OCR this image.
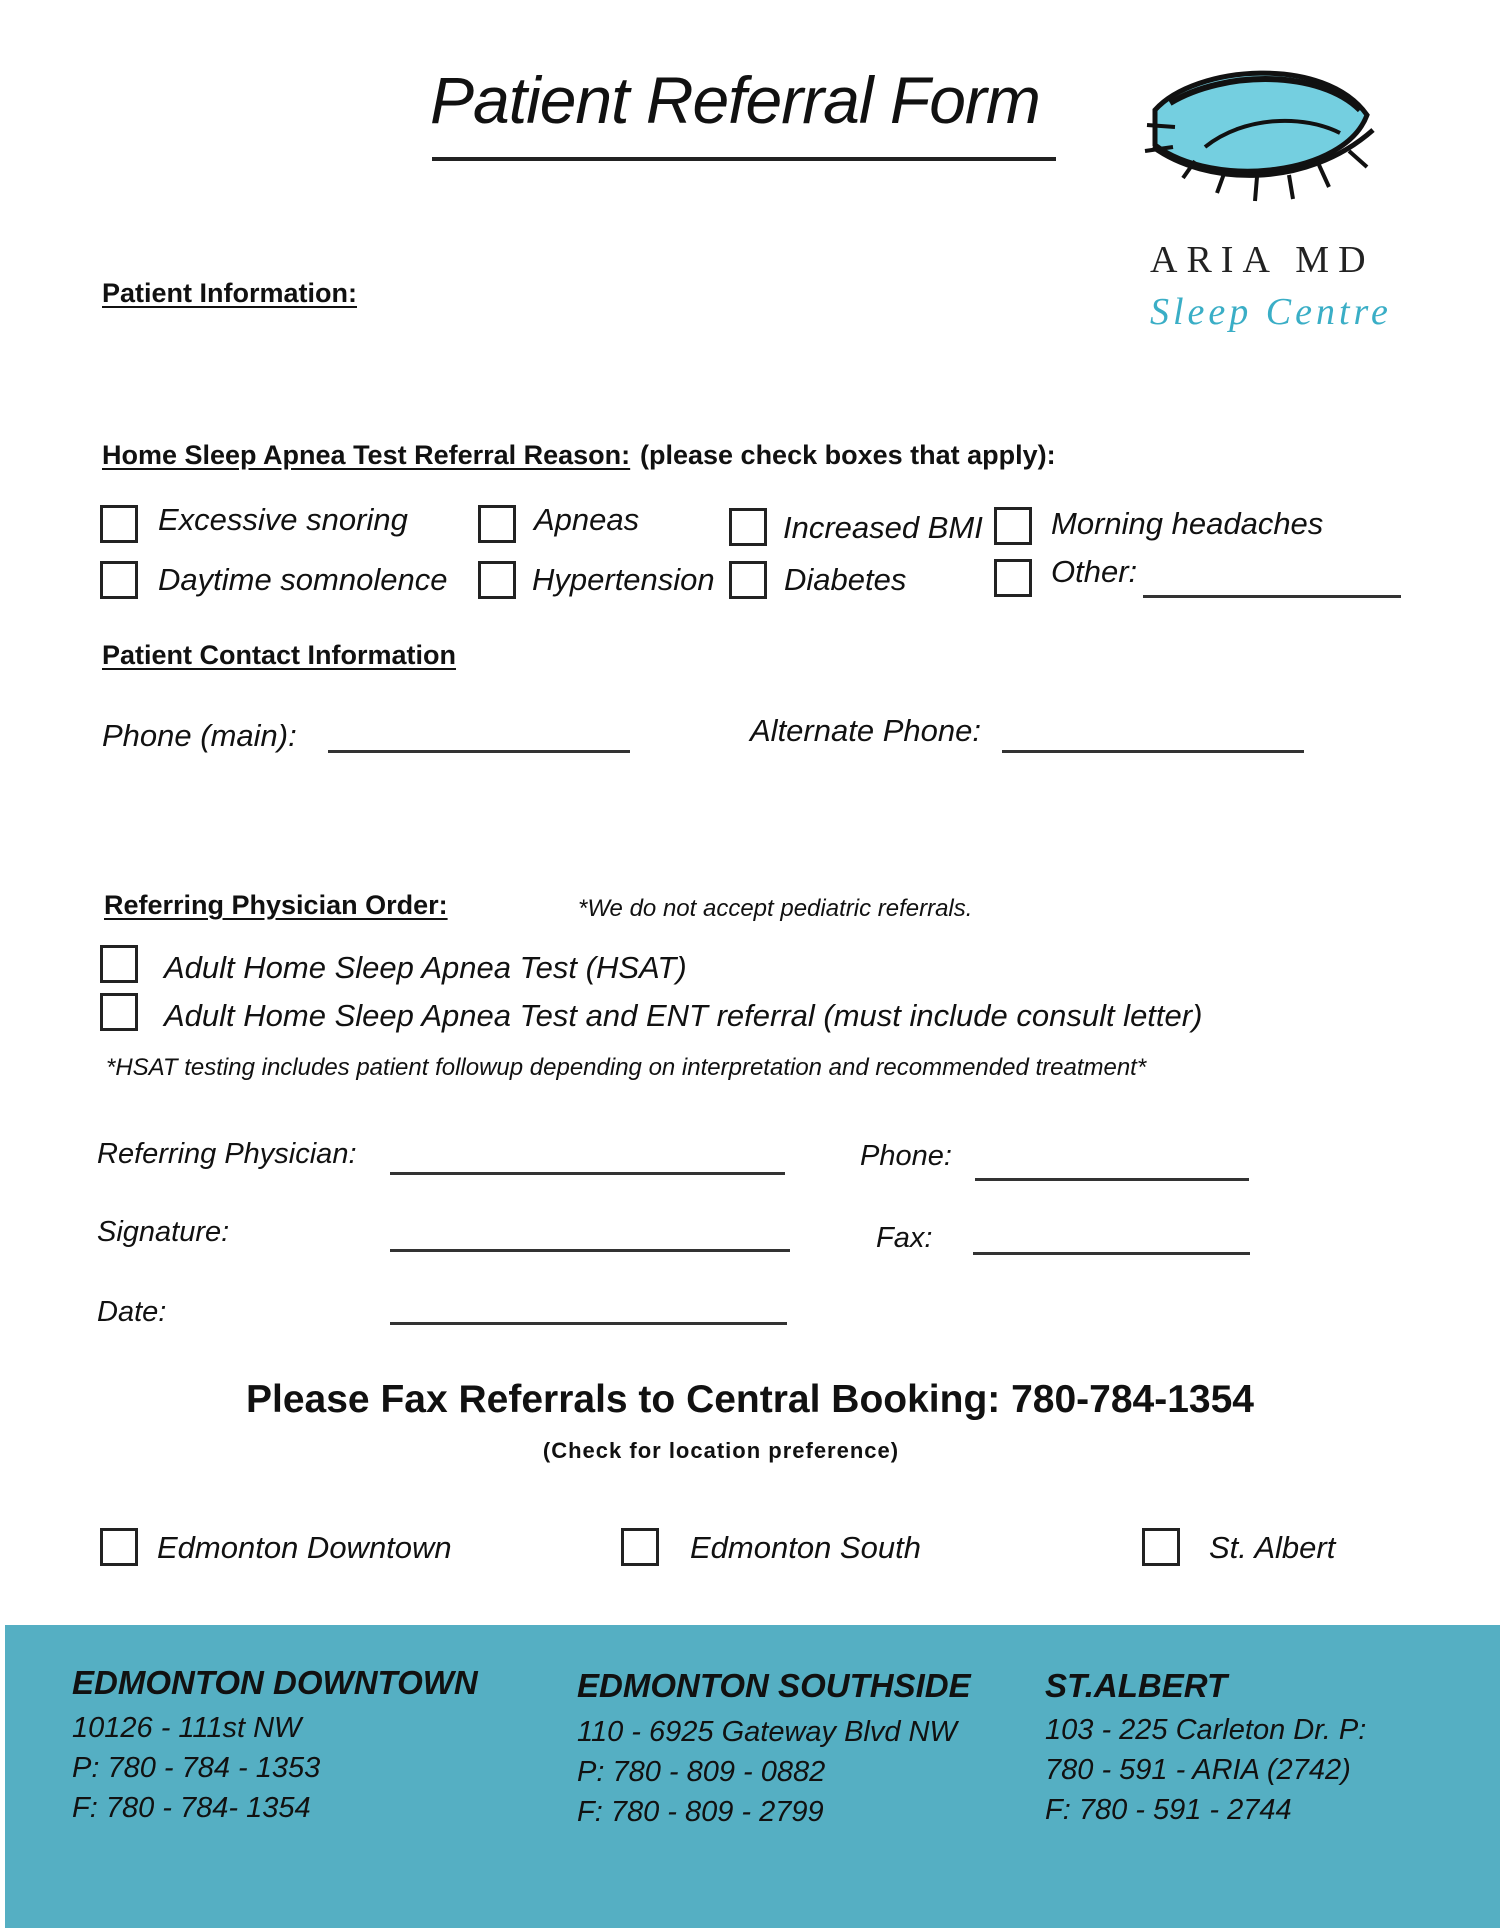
Patient Referral Form
ARIA MD
Sleep Centre
Patient Information:
Home Sleep Apnea Test Referral Reason: (please check boxes that apply):
Excessive snoring
Daytime somnolence
Apneas
Hypertension
Increased BMI
Diabetes
Morning headaches
Other:
Patient Contact Information
Phone (main):	Alternate Phone:
Referring Physician Order:	*We do not accept pediatric referrals.
Adult Home Sleep Apnea Test (HSAT)
Adult Home Sleep Apnea Test and ENT referral (must include consult letter)
*HSAT testing includes patient followup depending on interpretation and recommended treatment*
Referring Physician:	Phone:
Signature:	Fax:
Date:
Please Fax Referrals to Central Booking: 780-784-1354
(Check for location preference)
Edmonton Downtown	Edmonton South	St. Albert
EDMONTON DOWNTOWN
10126 - 111st NW
P: 780 - 784 - 1353
F: 780 - 784- 1354
EDMONTON SOUTHSIDE
110 - 6925 Gateway Blvd NW
P: 780 - 809 - 0882
F: 780 - 809 - 2799
ST.ALBERT
103 - 225 Carleton Dr. P:
780 - 591 - ARIA (2742)
F: 780 - 591 - 2744
